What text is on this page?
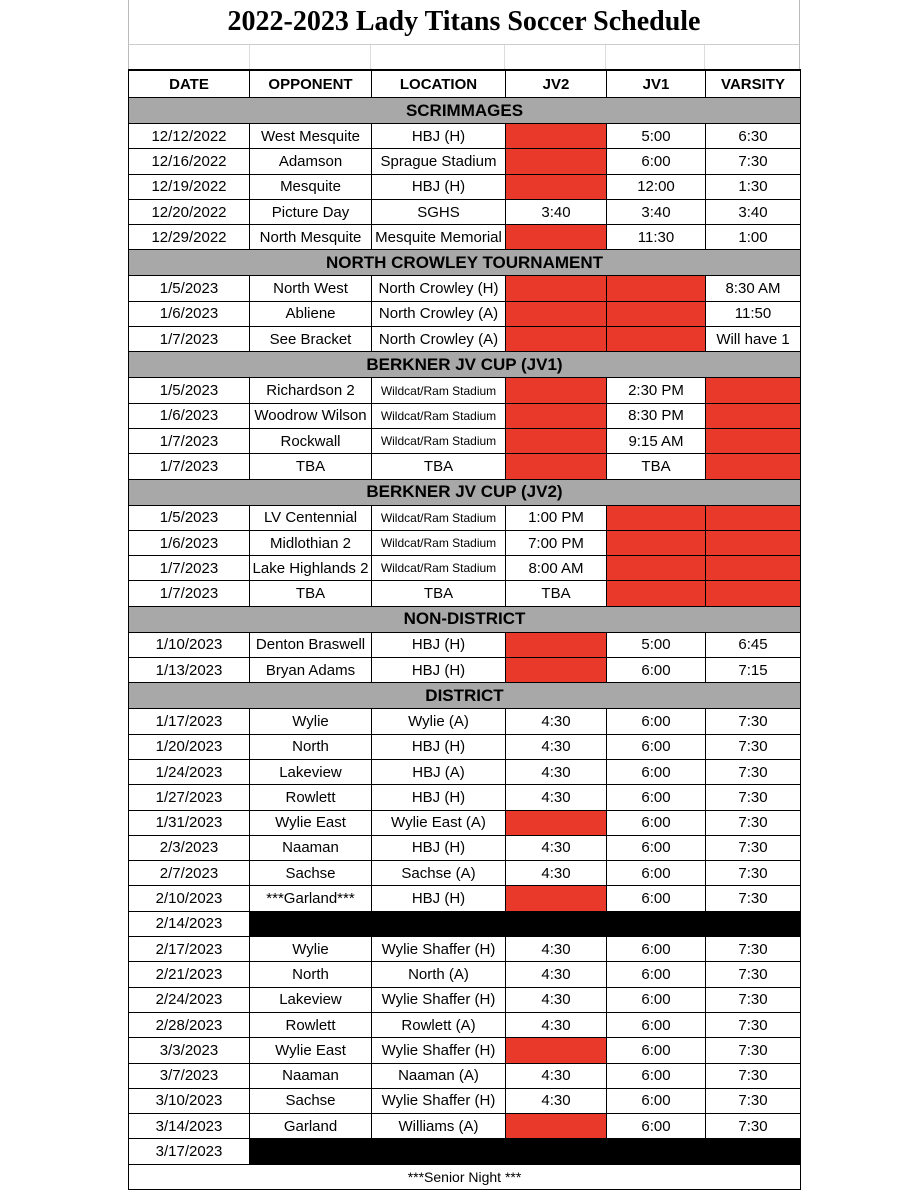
2022-2023 Lady Titans Soccer Schedule
DATE	OPPONENT	LOCATION	JV2	JV1	VARSITY
SCRIMMAGES					
12/12/2022	West Mesquite	HBJ (H)		5:00	6:30
12/16/2022	Adamson	Sprague Stadium		6:00	7:30
12/19/2022	Mesquite	HBJ (H)		12:00	1:30
12/20/2022	Picture Day	SGHS	3:40	3:40	3:40
12/29/2022	North Mesquite	Mesquite Memorial		11:30	1:00
NORTH CROWLEY TOURNAMENT					
1/5/2023	North West	North Crowley (H)			8:30 AM
1/6/2023	Abliene	North Crowley (A)			11:50
1/7/2023	See Bracket	North Crowley (A)			Will have 1
BERKNER JV CUP (JV1)					
1/5/2023	Richardson 2	Wildcat/Ram Stadium		2:30 PM	
1/6/2023	Woodrow Wilson	Wildcat/Ram Stadium		8:30 PM	
1/7/2023	Rockwall	Wildcat/Ram Stadium		9:15 AM	
1/7/2023	TBA	TBA		TBA	
BERKNER JV CUP (JV2)					
1/5/2023	LV Centennial	Wildcat/Ram Stadium	1:00 PM		
1/6/2023	Midlothian 2	Wildcat/Ram Stadium	7:00 PM		
1/7/2023	Lake Highlands 2	Wildcat/Ram Stadium	8:00 AM		
1/7/2023	TBA	TBA	TBA		
NON-DISTRICT					
1/10/2023	Denton Braswell	HBJ (H)		5:00	6:45
1/13/2023	Bryan Adams	HBJ (H)		6:00	7:15
DISTRICT					
1/17/2023	Wylie	Wylie (A)	4:30	6:00	7:30
1/20/2023	North	HBJ (H)	4:30	6:00	7:30
1/24/2023	Lakeview	HBJ (A)	4:30	6:00	7:30
1/27/2023	Rowlett	HBJ (H)	4:30	6:00	7:30
1/31/2023	Wylie East	Wylie East (A)		6:00	7:30
2/3/2023	Naaman	HBJ (H)	4:30	6:00	7:30
2/7/2023	Sachse	Sachse (A)	4:30	6:00	7:30
2/10/2023	***Garland***	HBJ (H)		6:00	7:30
2/14/2023					
2/17/2023	Wylie	Wylie Shaffer (H)	4:30	6:00	7:30
2/21/2023	North	North (A)	4:30	6:00	7:30
2/24/2023	Lakeview	Wylie Shaffer (H)	4:30	6:00	7:30
2/28/2023	Rowlett	Rowlett (A)	4:30	6:00	7:30
3/3/2023	Wylie East	Wylie Shaffer (H)		6:00	7:30
3/7/2023	Naaman	Naaman (A)	4:30	6:00	7:30
3/10/2023	Sachse	Wylie Shaffer (H)	4:30	6:00	7:30
3/14/2023	Garland	Williams (A)		6:00	7:30
3/17/2023					
***Senior Night ***					
